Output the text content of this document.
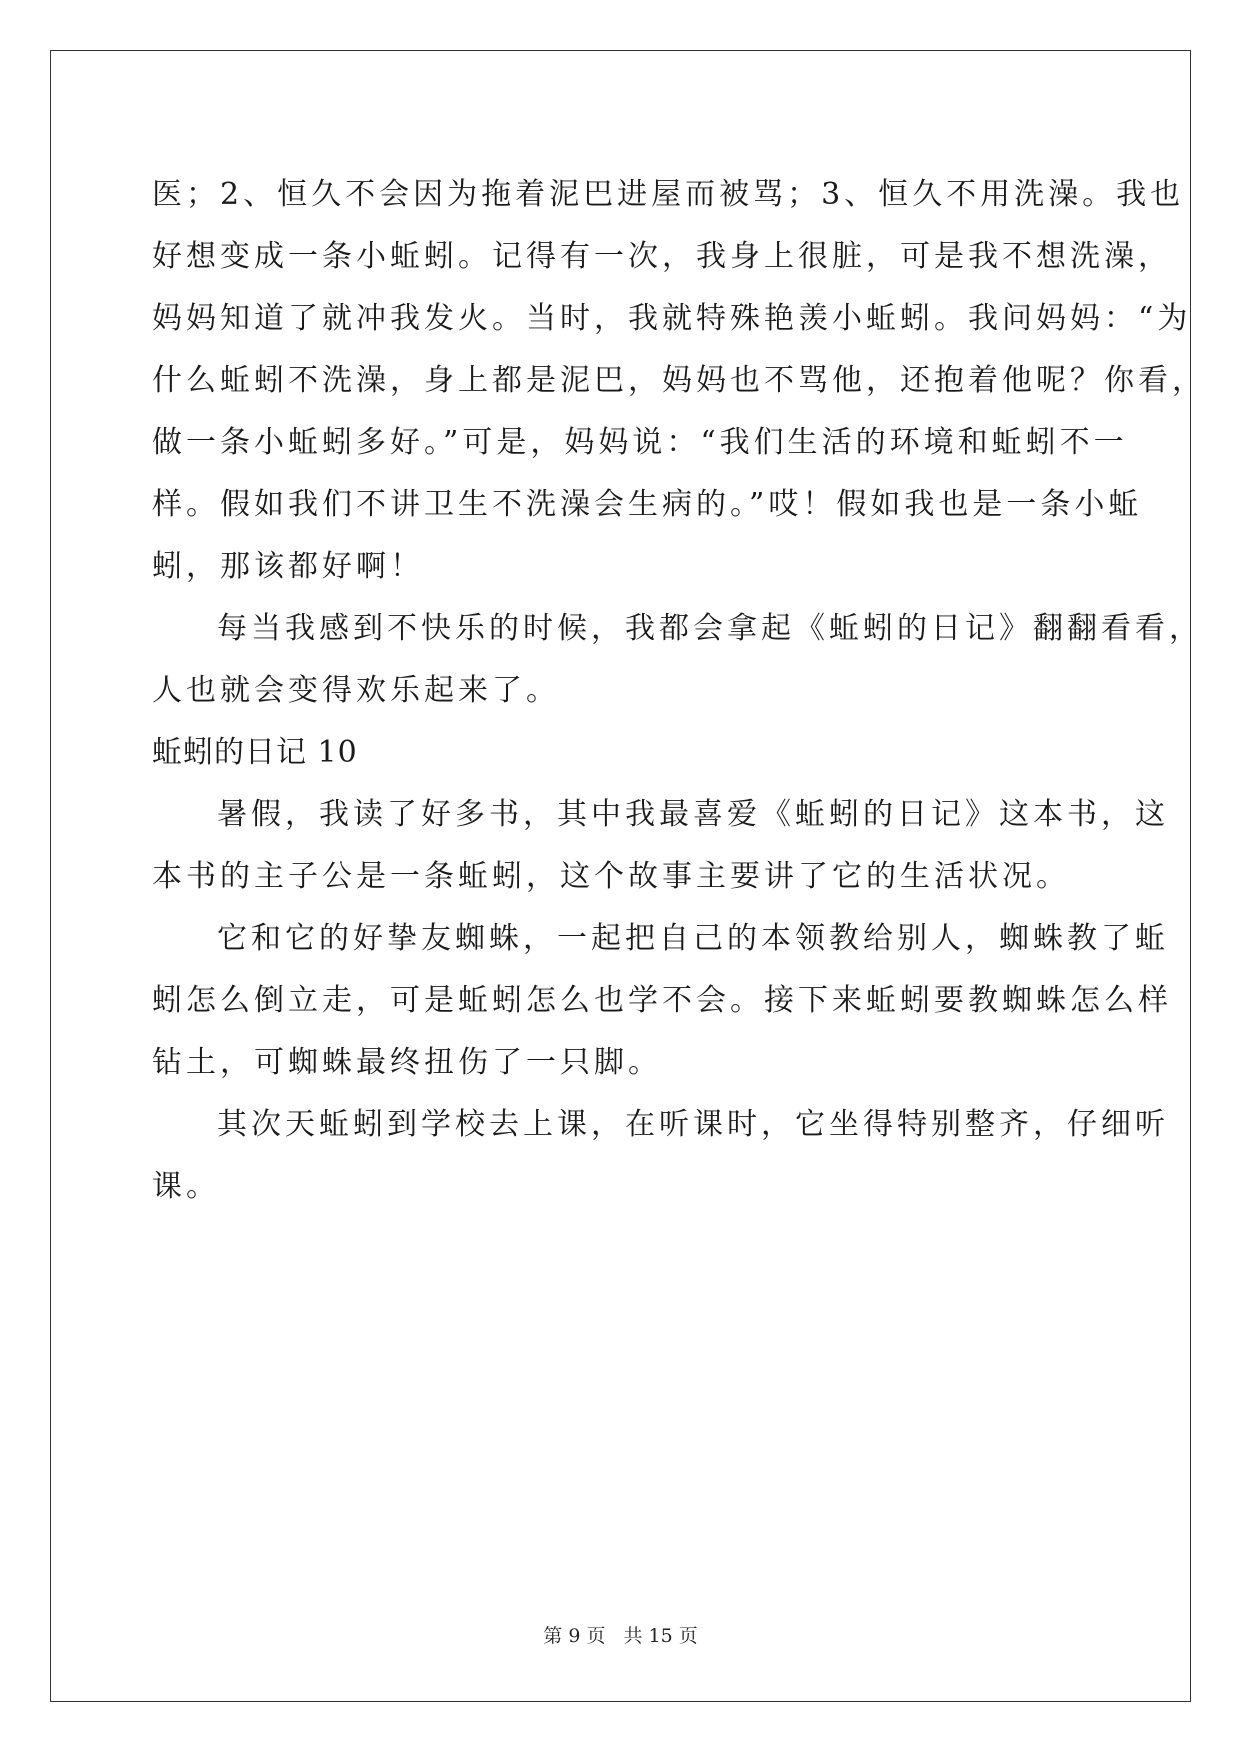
医；2、恒久不会因为拖着泥巴进屋而被骂；3、恒久不用洗澡。我也
好想变成一条小蚯蚓。记得有一次，我身上很脏，可是我不想洗澡，
妈妈知道了就冲我发火。当时，我就特殊艳羡小蚯蚓。我问妈妈：“为
什么蚯蚓不洗澡，身上都是泥巴，妈妈也不骂他，还抱着他呢？你看，
做一条小蚯蚓多好。”可是，妈妈说：“我们生活的环境和蚯蚓不一
样。假如我们不讲卫生不洗澡会生病的。”哎！假如我也是一条小蚯
蚓，那该都好啊！
每当我感到不快乐的时候，我都会拿起《蚯蚓的日记》翻翻看看，
人也就会变得欢乐起来了。
蚯蚓的日记 10
暑假，我读了好多书，其中我最喜爱《蚯蚓的日记》这本书，这
本书的主子公是一条蚯蚓，这个故事主要讲了它的生活状况。
它和它的好挚友蜘蛛，一起把自己的本领教给别人，蜘蛛教了蚯
蚓怎么倒立走，可是蚯蚓怎么也学不会。接下来蚯蚓要教蜘蛛怎么样
钻土，可蜘蛛最终扭伤了一只脚。
其次天蚯蚓到学校去上课，在听课时，它坐得特别整齐，仔细听
课。
第 9 页 共 15 页
